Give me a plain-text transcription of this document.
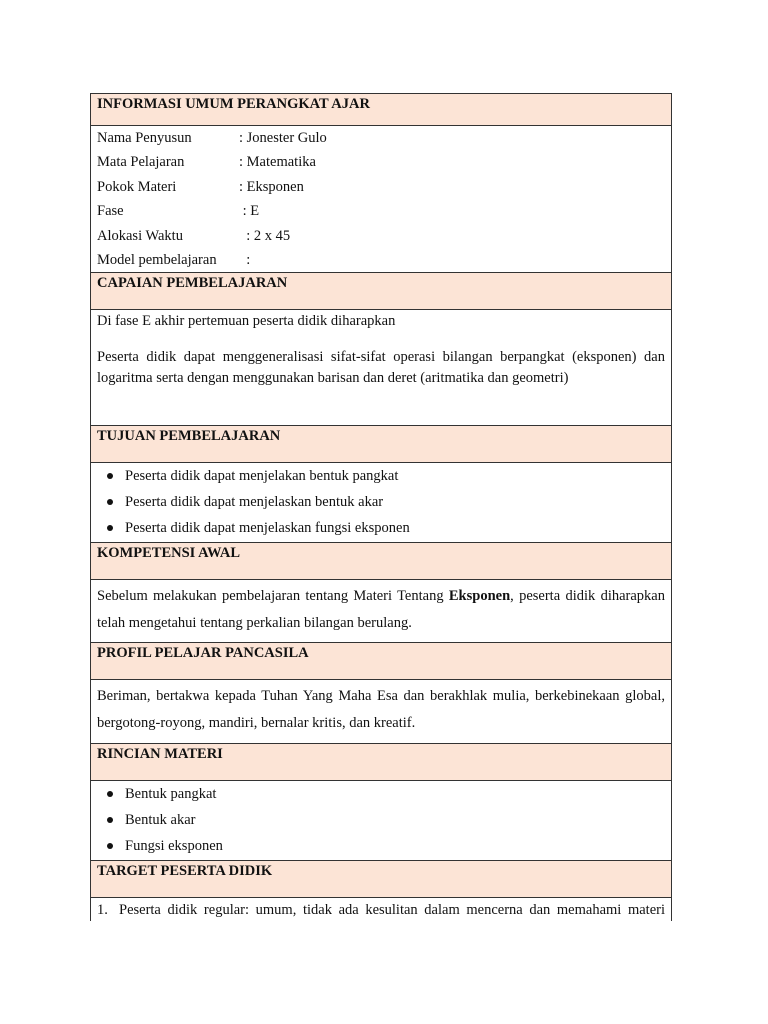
INFORMASI UMUM PERANGKAT AJAR
Nama Penyusun	: Jonester Gulo
Mata Pelajaran	: Matematika
Pokok Materi	: Eksponen
Fase	: E
Alokasi Waktu	: 2 x 45
Model pembelajaran	:
CAPAIAN PEMBELAJARAN

Di fase E akhir pertemuan peserta didik diharapkan

Peserta didik dapat menggeneralisasi sifat-sifat operasi bilangan berpangkat (eksponen) dan logaritma serta dengan menggunakan barisan dan deret (aritmatika dan geometri)

TUJUAN PEMBELAJARAN
Peserta didik dapat menjelakan bentuk pangkat
Peserta didik dapat menjelaskan bentuk akar
Peserta didik dapat menjelaskan fungsi eksponen
KOMPETENSI AWAL

Sebelum melakukan pembelajaran tentang Materi Tentang Eksponen, peserta didik diharapkan telah mengetahui tentang perkalian bilangan berulang.

PROFIL PELAJAR PANCASILA

Beriman, bertakwa kepada Tuhan Yang Maha Esa dan berakhlak mulia, berkebinekaan global, bergotong-royong, mandiri, bernalar kritis, dan kreatif.

RINCIAN MATERI
Bentuk pangkat
Bentuk akar
Fungsi eksponen
TARGET PESERTA DIDIK
1. Peserta didik regular: umum, tidak ada kesulitan dalam mencerna dan memahami materi
